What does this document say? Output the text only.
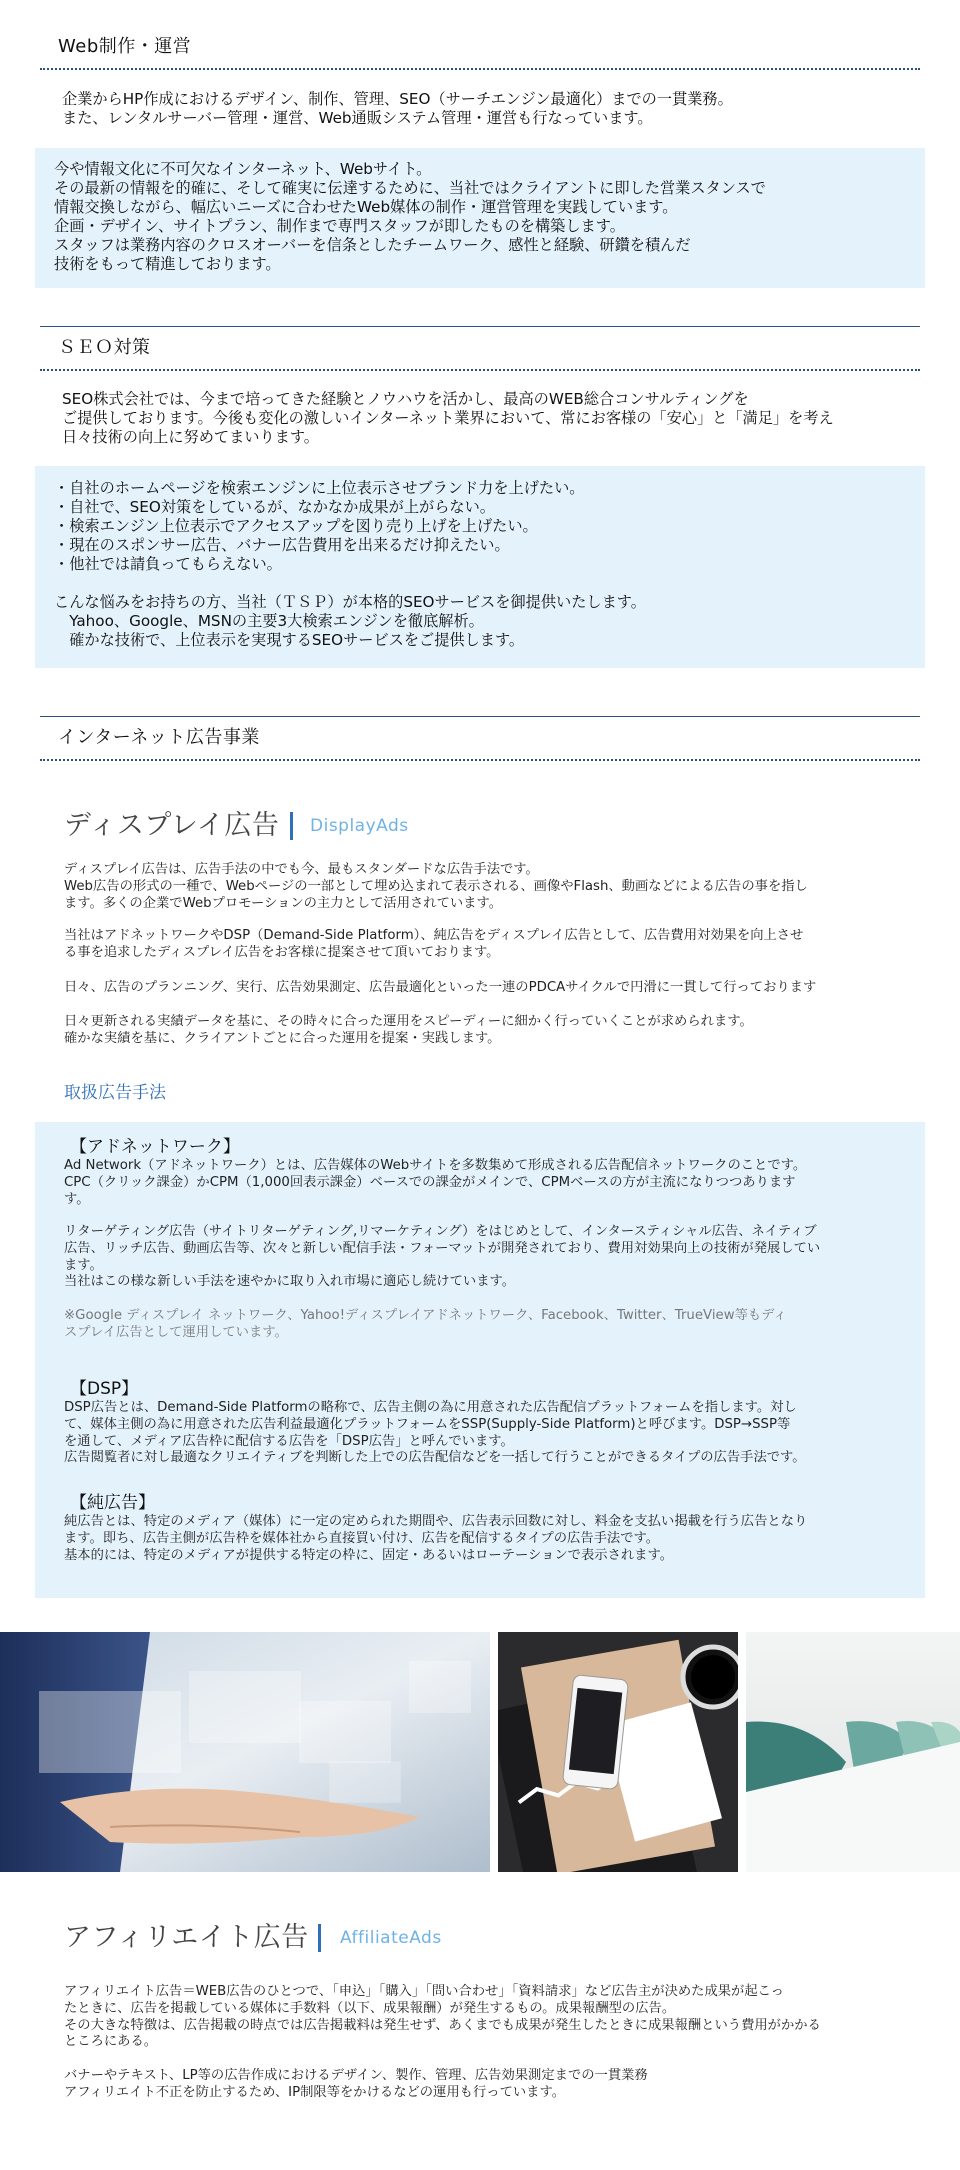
Web制作・運営
企業からHP作成におけるデザイン、制作、管理、SEO（サーチエンジン最適化）までの一貫業務。
また、レンタルサーバー管理・運営、Web通販システム管理・運営も行なっています。
今や情報文化に不可欠なインターネット、Webサイト。
その最新の情報を的確に、そして確実に伝達するために、当社ではクライアントに即した営業スタンスで
情報交換しながら、幅広いニーズに合わせたWeb媒体の制作・運営管理を実践しています。
企画・デザイン、サイトプラン、制作まで専門スタッフが即したものを構築します。
スタッフは業務内容のクロスオーバーを信条としたチームワーク、感性と経験、研鑽を積んだ
技術をもって精進しております。
ＳＥＯ対策
SEO株式会社では、今まで培ってきた経験とノウハウを活かし、最高のWEB総合コンサルティングを
ご提供しております。今後も変化の激しいインターネット業界において、常にお客様の「安心」と「満足」を考え
日々技術の向上に努めてまいります。
・自社のホームページを検索エンジンに上位表示させブランド力を上げたい。
・自社で、SEO対策をしているが、なかなか成果が上がらない。
・検索エンジン上位表示でアクセスアップを図り売り上げを上げたい。
・現在のスポンサー広告、バナー広告費用を出来るだけ抑えたい。
・他社では請負ってもらえない。

こんな悩みをお持ちの方、当社（ＴＳＰ）が本格的SEOサービスを御提供いたします。
　Yahoo、Google、MSNの主要3大検索エンジンを徹底解析。
　確かな技術で、上位表示を実現するSEOサービスをご提供します。
インターネット広告事業
ディスプレイ広告 DisplayAds
ディスプレイ広告は、広告手法の中でも今、最もスタンダードな広告手法です。
Web広告の形式の一種で、Webページの一部として埋め込まれて表示される、画像やFlash、動画などによる広告の事を指し
ます。多くの企業でWebプロモーションの主力として活用されています。
当社はアドネットワークやDSP（Demand-Side Platform）、純広告をディスプレイ広告として、広告費用対効果を向上させ
る事を追求したディスプレイ広告をお客様に提案させて頂いております。
日々、広告のプランニング、実行、広告効果測定、広告最適化といった一連のPDCAサイクルで円滑に一貫して行っております
日々更新される実績データを基に、その時々に合った運用をスピーディーに細かく行っていくことが求められます。
確かな実績を基に、クライアントごとに合った運用を提案・実践します。
取扱広告手法
【アドネットワーク】
Ad Network（アドネットワーク）とは、広告媒体のWebサイトを多数集めて形成される広告配信ネットワークのことです。
CPC（クリック課金）かCPM（1,000回表示課金）ベースでの課金がメインで、CPMベースの方が主流になりつつあります
す。
リターゲティング広告（サイトリターゲティング,リマーケティング）をはじめとして、インタースティシャル広告、ネイティブ
広告、リッチ広告、動画広告等、次々と新しい配信手法・フォーマットが開発されており、費用対効果向上の技術が発展してい
ます。
当社はこの様な新しい手法を速やかに取り入れ市場に適応し続けています。
※Google ディスプレイ ネットワーク、Yahoo!ディスプレイアドネットワーク、Facebook、Twitter、TrueView等もディ
スプレイ広告として運用しています。
【DSP】
DSP広告とは、Demand-Side Platformの略称で、広告主側の為に用意された広告配信プラットフォームを指します。対し
て、媒体主側の為に用意された広告利益最適化プラットフォームをSSP(Supply-Side Platform)と呼びます。DSP→SSP等
を通して、メディア広告枠に配信する広告を「DSP広告」と呼んでいます。
広告閲覧者に対し最適なクリエイティブを判断した上での広告配信などを一括して行うことができるタイプの広告手法です。
【純広告】
純広告とは、特定のメディア（媒体）に一定の定められた期間や、広告表示回数に対し、料金を支払い掲載を行う広告となり
ます。即ち、広告主側が広告枠を媒体社から直接買い付け、広告を配信するタイプの広告手法です。
基本的には、特定のメディアが提供する特定の枠に、固定・あるいはローテーションで表示されます。
アフィリエイト広告 AffiliateAds
アフィリエイト広告＝WEB広告のひとつで、「申込」「購入」「問い合わせ」「資料請求」など広告主が決めた成果が起こっ
たときに、広告を掲載している媒体に手数料（以下、成果報酬）が発生するもの。成果報酬型の広告。
その大きな特徴は、広告掲載の時点では広告掲載料は発生せず、あくまでも成果が発生したときに成果報酬という費用がかかる
ところにある。
バナーやテキスト、LP等の広告作成におけるデザイン、製作、管理、広告効果測定までの一貫業務
アフィリエイト不正を防止するため、IP制限等をかけるなどの運用も行っています。
